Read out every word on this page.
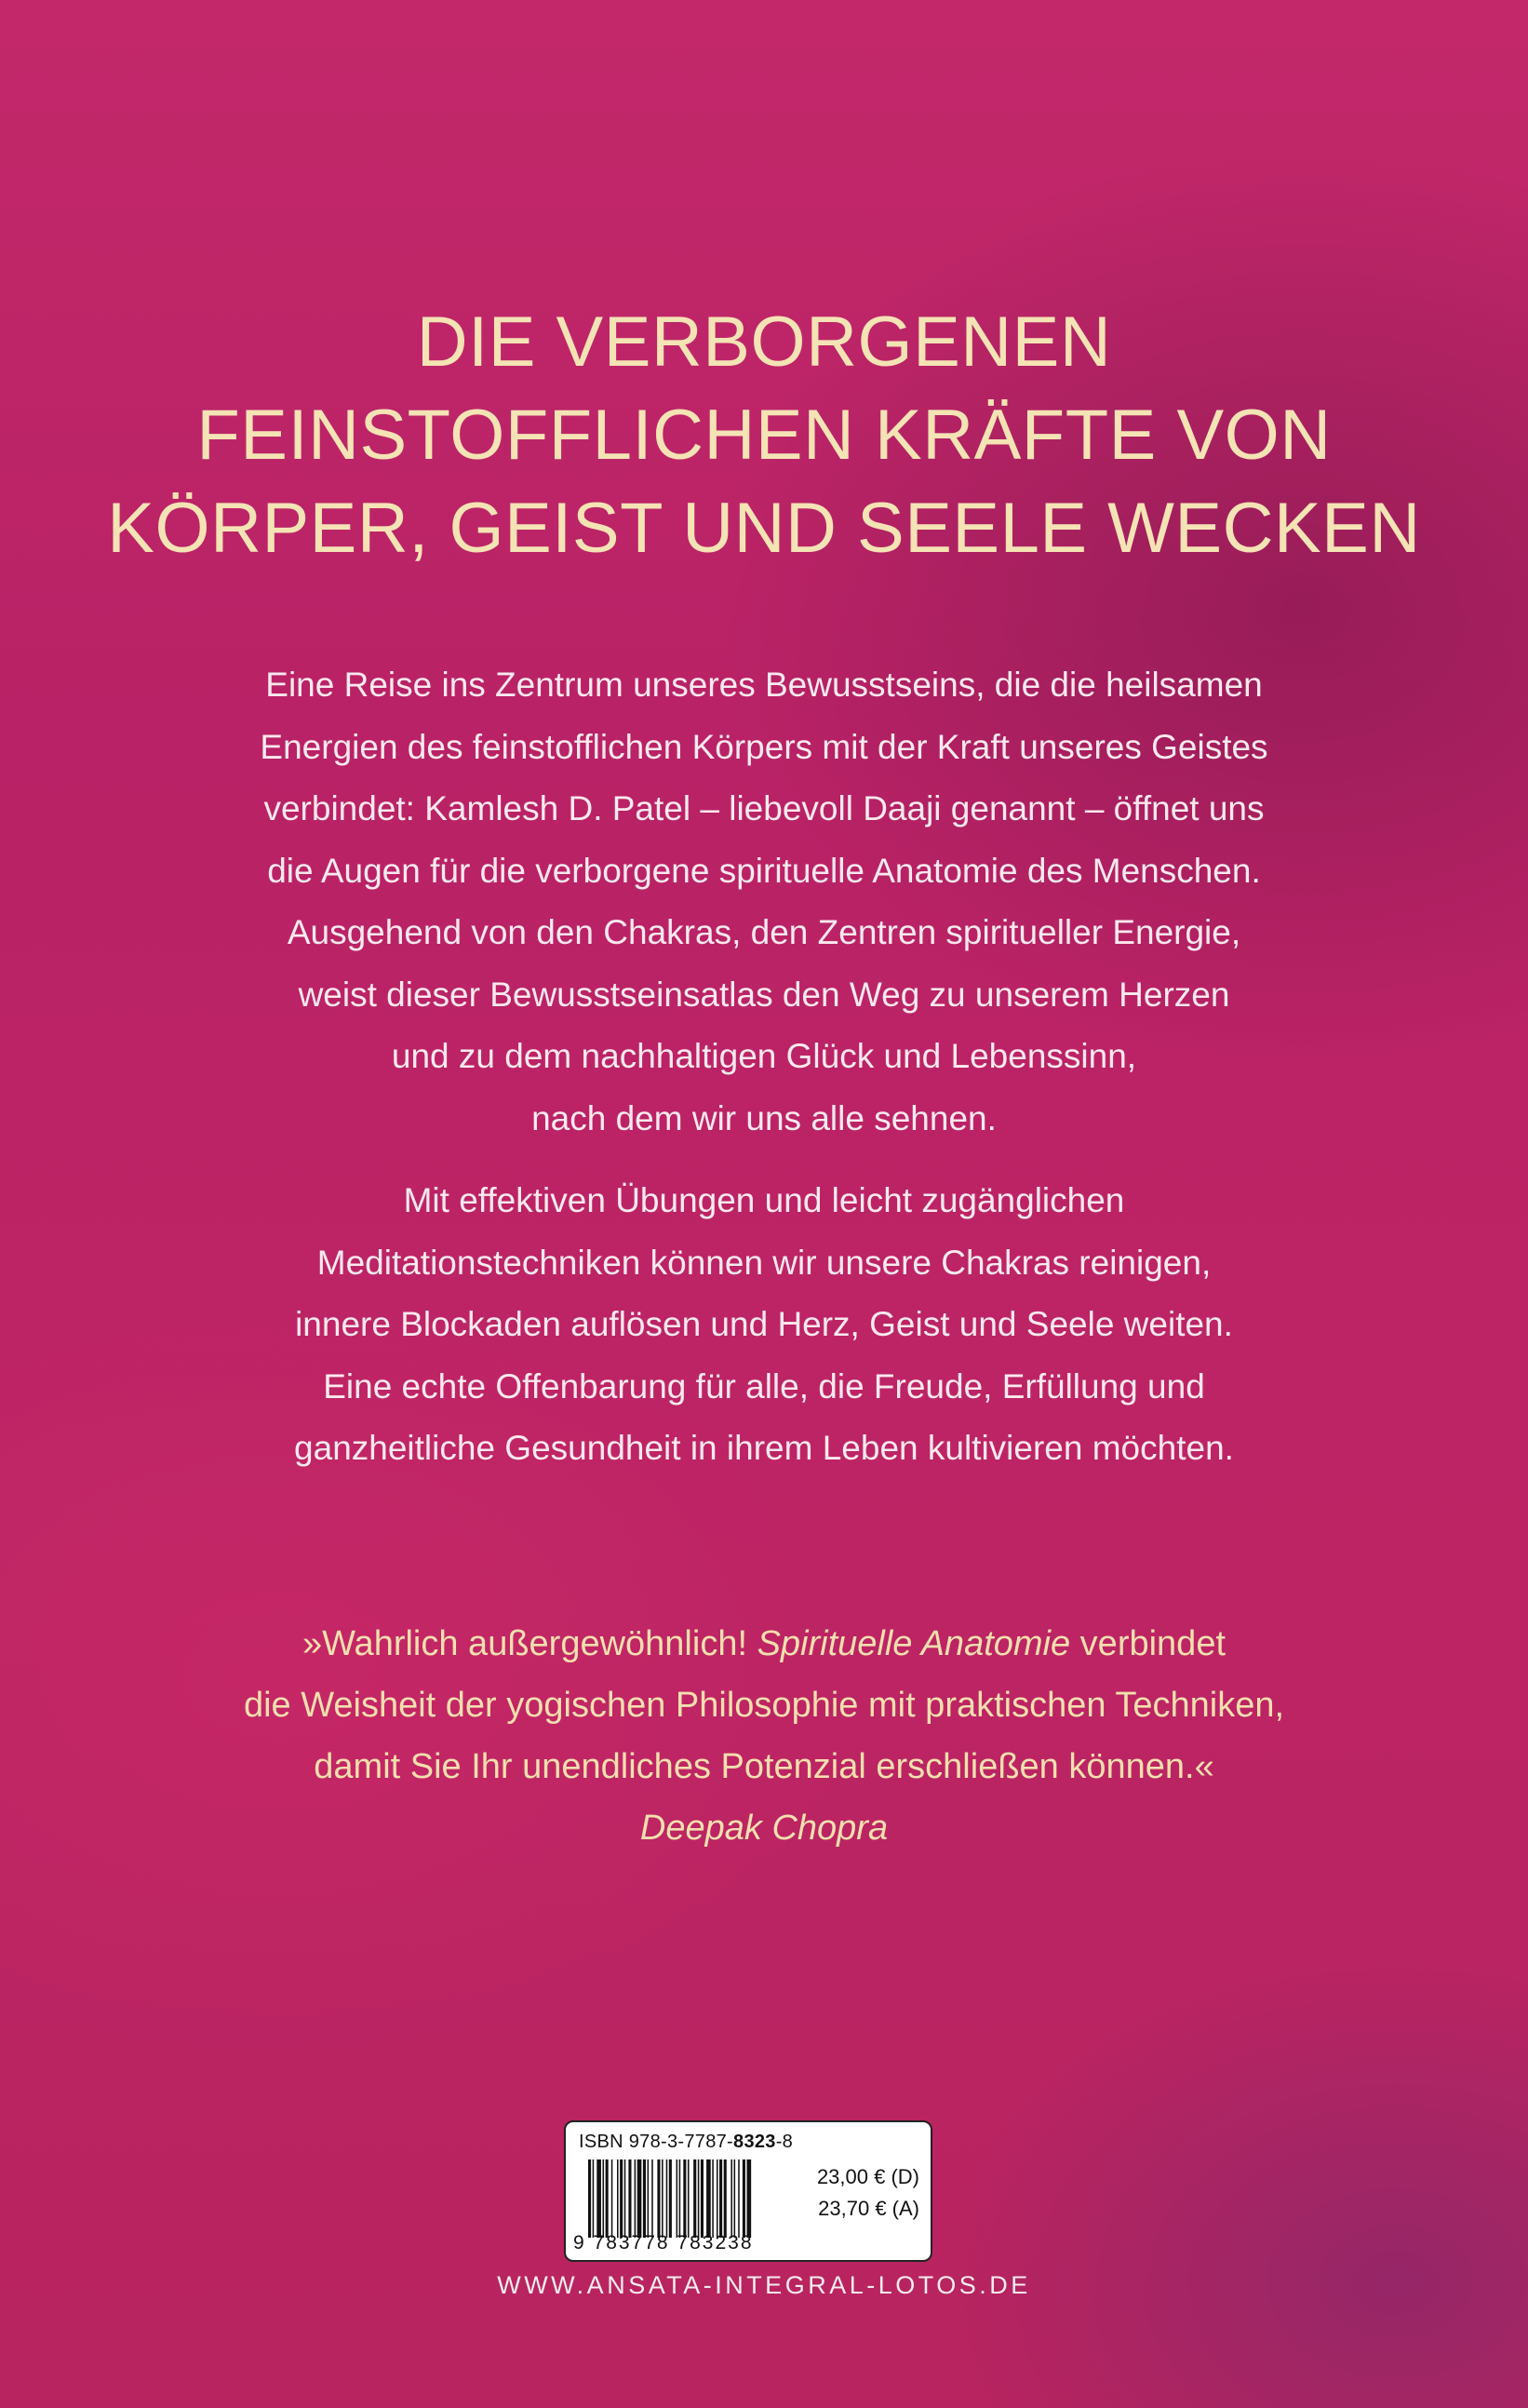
DIE VERBORGENEN
FEINSTOFFLICHEN KRÄFTE VON
KÖRPER, GEIST UND SEELE WECKEN
Eine Reise ins Zentrum unseres Bewusstseins, die die heilsamen
Energien des feinstofflichen Körpers mit der Kraft unseres Geistes
verbindet: Kamlesh D. Patel – liebevoll Daaji genannt – öffnet uns
die Augen für die verborgene spirituelle Anatomie des Menschen.
Ausgehend von den Chakras, den Zentren spiritueller Energie,
weist dieser Bewusstseinsatlas den Weg zu unserem Herzen
und zu dem nachhaltigen Glück und Lebenssinn,
nach dem wir uns alle sehnen.
Mit effektiven Übungen und leicht zugänglichen
Meditationstechniken können wir unsere Chakras reinigen,
innere Blockaden auflösen und Herz, Geist und Seele weiten.
Eine echte Offenbarung für alle, die Freude, Erfüllung und
ganzheitliche Gesundheit in ihrem Leben kultivieren möchten.
»Wahrlich außergewöhnlich! Spirituelle Anatomie verbindet
die Weisheit der yogischen Philosophie mit praktischen Techniken,
damit Sie Ihr unendliches Potenzial erschließen können.«
Deepak Chopra
ISBN 978-3-7787-8323-8
9 783778 783238
23,00 € (D)
23,70 € (A)
WWW.ANSATA-INTEGRAL-LOTOS.DE
